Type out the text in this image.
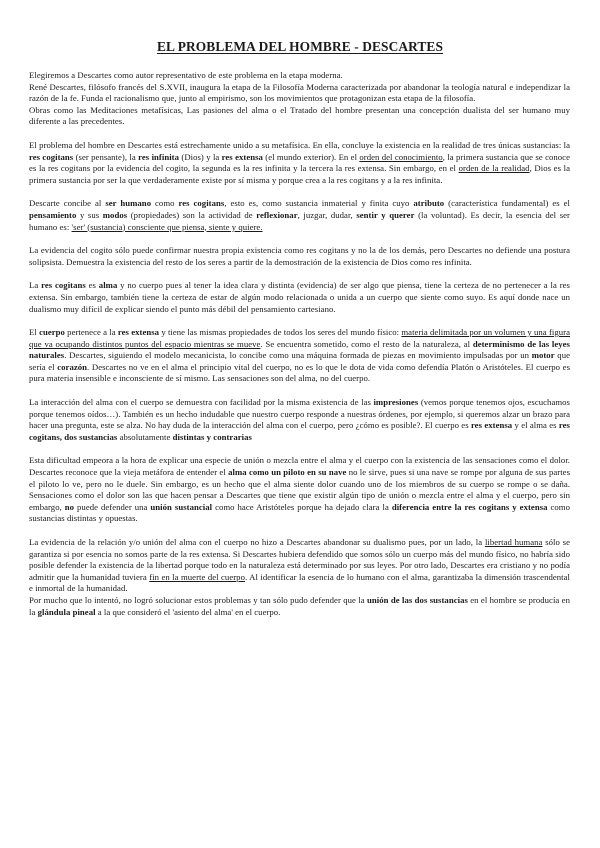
EL PROBLEMA DEL HOMBRE - DESCARTES

Elegiremos a Descartes como autor representativo de este problema en la etapa moderna.

René Descartes, filósofo francés del S.XVII, inaugura la etapa de la Filosofía Moderna caracterizada por abandonar la teología natural e independizar la razón de la fe. Funda el racionalismo que, junto al empirismo, son los movimientos que protagonizan esta etapa de la filosofía.

Obras como las Meditaciones metafísicas, Las pasiones del alma o el Tratado del hombre presentan una concepción dualista del ser humano muy diferente a las precedentes.

El problema del hombre en Descartes está estrechamente unido a su metafísica. En ella, concluye la existencia en la realidad de tres únicas sustancias: la res cogitans (ser pensante), la res infinita (Dios) y la res extensa (el mundo exterior). En el orden del conocimiento, la primera sustancia que se conoce es la res cogitans por la evidencia del cogito, la segunda es la res infinita y la tercera la res extensa. Sin embargo, en el orden de la realidad, Dios es la primera sustancia por ser la que verdaderamente existe por sí misma y porque crea a la res cogitans y a la res infinita.

Descarte concibe al ser humano como res cogitans, esto es, como sustancia inmaterial y finita cuyo atributo (característica fundamental) es el pensamiento y sus modos (propiedades) son la actividad de reflexionar, juzgar, dudar, sentir y querer (la voluntad). Es decir, la esencia del ser humano es: 'ser' (sustancia) consciente que piensa, siente y quiere.

La evidencia del cogito sólo puede confirmar nuestra propia existencia como res cogitans y no la de los demás, pero Descartes no defiende una postura solipsista. Demuestra la existencia del resto de los seres a partir de la demostración de la existencia de Dios como res infinita.

La res cogitans es alma y no cuerpo pues al tener la idea clara y distinta (evidencia) de ser algo que piensa, tiene la certeza de no pertenecer a la res extensa. Sin embargo, también tiene la certeza de estar de algún modo relacionada o unida a un cuerpo que siente como suyo. Es aquí donde nace un dualismo muy difícil de explicar siendo el punto más débil del pensamiento cartesiano.

El cuerpo pertenece a la res extensa y tiene las mismas propiedades de todos los seres del mundo físico: materia delimitada por un volumen y una figura que va ocupando distintos puntos del espacio mientras se mueve. Se encuentra sometido, como el resto de la naturaleza, al determinismo de las leyes naturales. Descartes, siguiendo el modelo mecanicista, lo concibe como una máquina formada de piezas en movimiento impulsadas por un motor que sería el corazón. Descartes no ve en el alma el principio vital del cuerpo, no es lo que le dota de vida como defendía Platón o Aristóteles. El cuerpo es pura materia insensible e inconsciente de sí mismo. Las sensaciones son del alma, no del cuerpo.

La interacción del alma con el cuerpo se demuestra con facilidad por la misma existencia de las impresiones (vemos porque tenemos ojos, escuchamos porque tenemos oídos…). También es un hecho indudable que nuestro cuerpo responde a nuestras órdenes, por ejemplo, si queremos alzar un brazo para hacer una pregunta, este se alza. No hay duda de la interacción del alma con el cuerpo, pero ¿cómo es posible?. El cuerpo es res extensa y el alma es res cogitans, dos sustancias absolutamente distintas y contrarias

Esta dificultad empeora a la hora de explicar una especie de unión o mezcla entre el alma y el cuerpo con la existencia de las sensaciones como el dolor. Descartes reconoce que la vieja metáfora de entender el alma como un piloto en su nave no le sirve, pues si una nave se rompe por alguna de sus partes el piloto lo ve, pero no le duele. Sin embargo, es un hecho que el alma siente dolor cuando uno de los miembros de su cuerpo se rompe o se daña. Sensaciones como el dolor son las que hacen pensar a Descartes que tiene que existir algún tipo de unión o mezcla entre el alma y el cuerpo, pero sin embargo, no puede defender una unión sustancial como hace Aristóteles porque ha dejado clara la diferencia entre la res cogitans y extensa como sustancias distintas y opuestas.

La evidencia de la relación y/o unión del alma con el cuerpo no hizo a Descartes abandonar su dualismo pues, por un lado, la libertad humana sólo se garantiza si por esencia no somos parte de la res extensa. Si Descartes hubiera defendido que somos sólo un cuerpo más del mundo físico, no habría sido posible defender la existencia de la libertad porque todo en la naturaleza está determinado por sus leyes. Por otro lado, Descartes era cristiano y no podía admitir que la humanidad tuviera fin en la muerte del cuerpo. Al identificar la esencia de lo humano con el alma, garantizaba la dimensión trascendental e inmortal de la humanidad.

Por mucho que lo intentó, no logró solucionar estos problemas y tan sólo pudo defender que la unión de las dos sustancias en el hombre se producía en la glándula pineal a la que consideró el 'asiento del alma' en el cuerpo.
